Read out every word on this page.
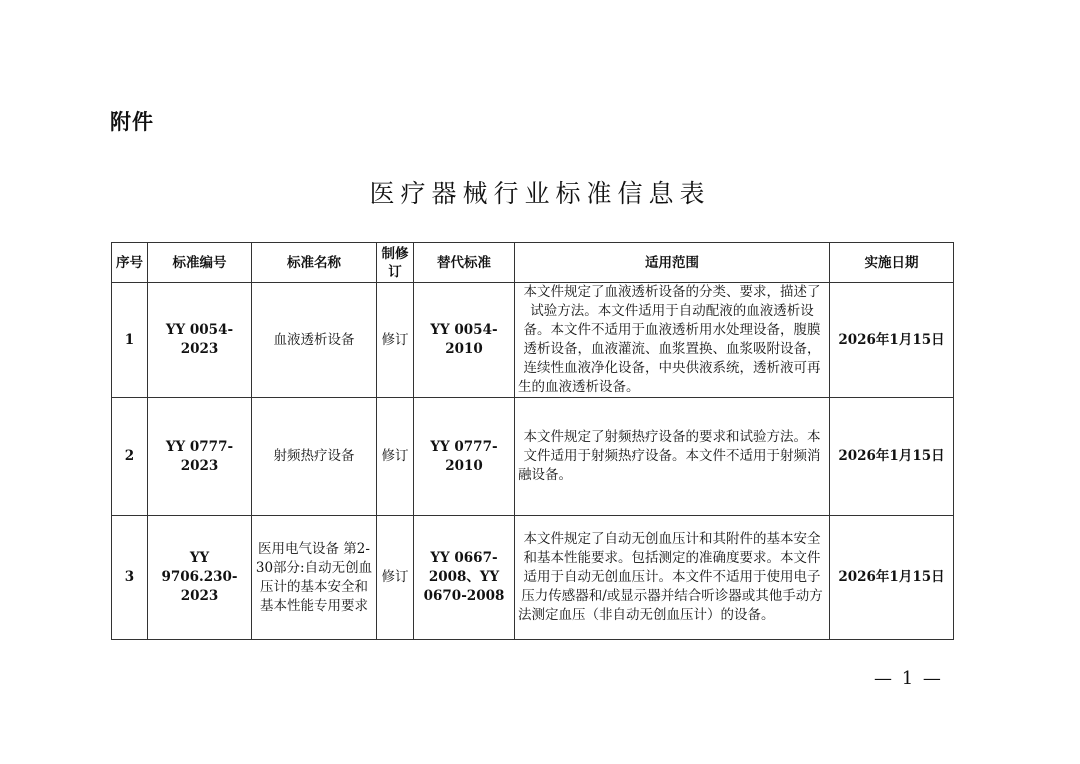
附件
医疗器械行业标准信息表
序号	标准编号	标准名称	制修订	替代标准	适用范围	实施日期
1	YY 0054-2023	血液透析设备	修订	YY 0054-2010	本文件规定了血液透析设备的分类、要求，描述了试验方法。本文件适用于自动配液的血液透析设备。本文件不适用于血液透析用水处理设备，腹膜透析设备，血液灌流、血浆置换、血浆吸附设备，连续性血液净化设备，中央供液系统，透析液可再生的血液透析设备。	2026年1月15日
2	YY 0777-2023	射频热疗设备	修订	YY 0777-2010	本文件规定了射频热疗设备的要求和试验方法。本文件适用于射频热疗设备。本文件不适用于射频消融设备。	2026年1月15日
3	YY 9706.230-2023	医用电气设备 第2-30部分:自动无创血压计的基本安全和基本性能专用要求	修订	YY 0667-2008、YY 0670-2008	本文件规定了自动无创血压计和其附件的基本安全和基本性能要求。包括测定的准确度要求。本文件适用于自动无创血压计。本文件不适用于使用电子压力传感器和/或显示器并结合听诊器或其他手动方法测定血压（非自动无创血压计）的设备。	2026年1月15日
— 1 —
